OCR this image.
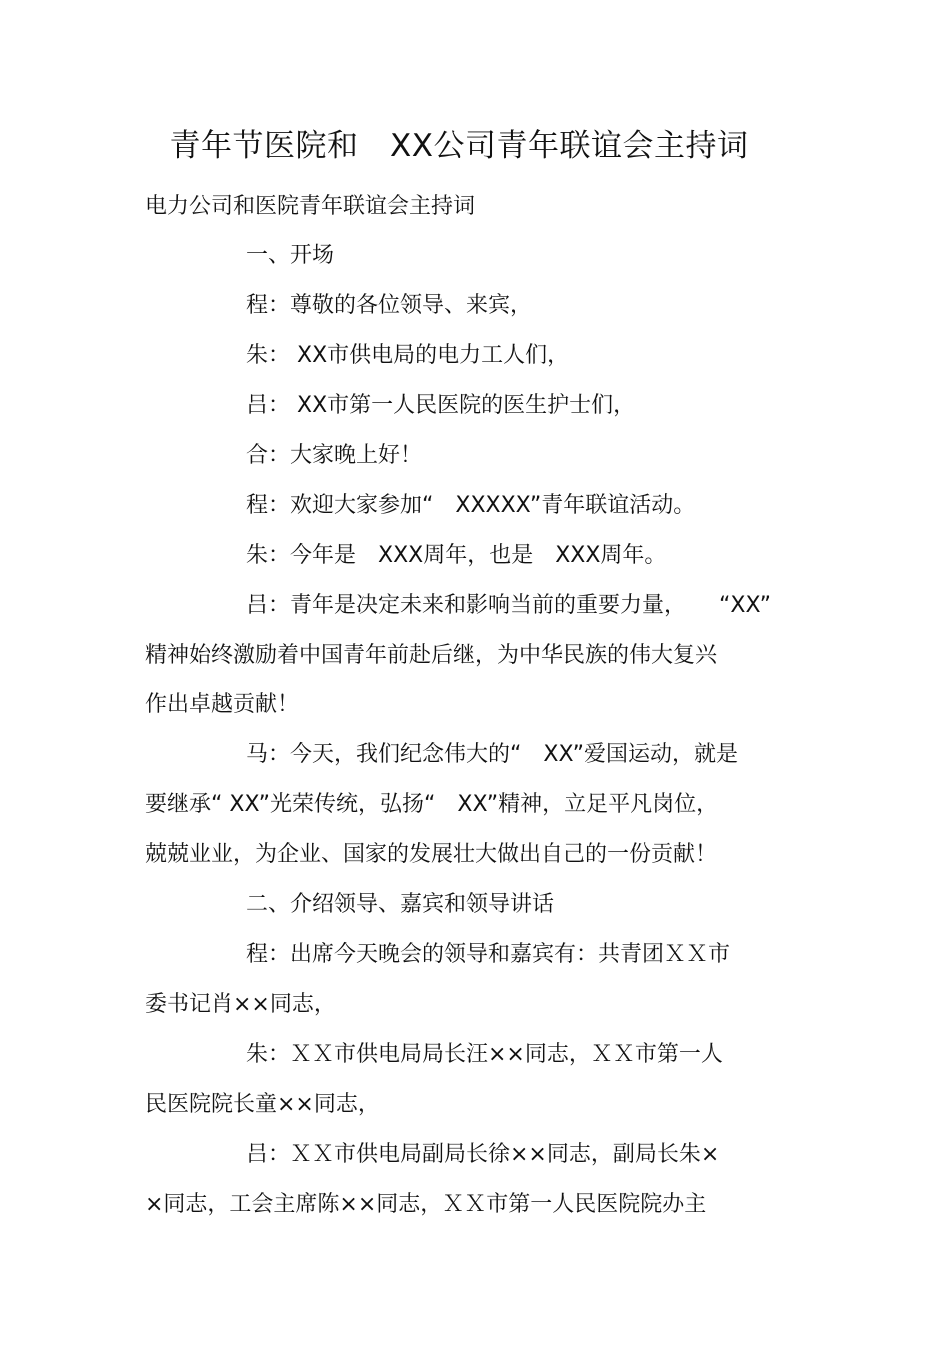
青年节医院和　XX公司青年联谊会主持词
电力公司和医院青年联谊会主持词
一、开场
程：尊敬的各位领导、来宾，
朱： XX市供电局的电力工人们，
吕： XX市第一人民医院的医生护士们，
合：大家晚上好！
程：欢迎大家参加“　XXXXX”青年联谊活动。
朱：今年是　XXX周年，也是　XXX周年。
吕：青年是决定未来和影响当前的重要力量，　　“XX”
精神始终激励着中国青年前赴后继，为中华民族的伟大复兴
作出卓越贡献！
马：今天，我们纪念伟大的“　XX”爱国运动，就是
要继承“ XX”光荣传统，弘扬“　XX”精神，立足平凡岗位，
兢兢业业，为企业、国家的发展壮大做出自己的一份贡献！
二、介绍领导、嘉宾和领导讲话
程：出席今天晚会的领导和嘉宾有：共青团ＸＸ市
委书记肖××同志，
朱：ＸＸ市供电局局长汪××同志，ＸＸ市第一人
民医院院长童××同志，
吕：ＸＸ市供电局副局长徐××同志，副局长朱×
×同志，工会主席陈××同志，ＸＸ市第一人民医院院办主
